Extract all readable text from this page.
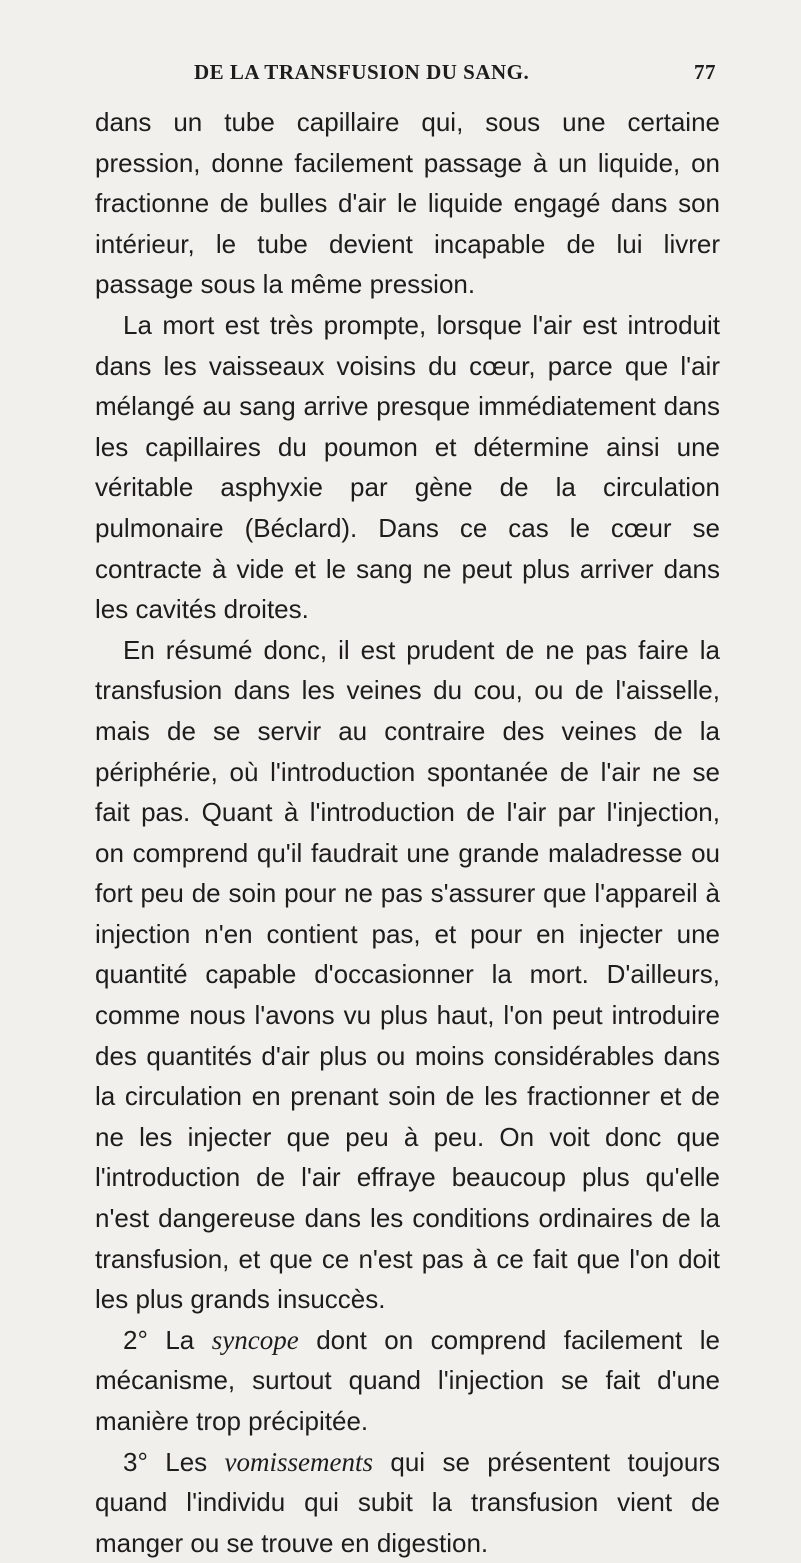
DE LA TRANSFUSION DU SANG.	77

dans un tube capillaire qui, sous une certaine pression, donne facilement passage à un liquide, on fractionne de bulles d'air le liquide engagé dans son intérieur, le tube devient incapable de lui livrer passage sous la même pression.

La mort est très prompte, lorsque l'air est introduit dans les vaisseaux voisins du cœur, parce que l'air mélangé au sang arrive presque immédiatement dans les capillaires du poumon et détermine ainsi une véritable asphyxie par gène de la circulation pulmonaire (Béclard). Dans ce cas le cœur se contracte à vide et le sang ne peut plus arriver dans les cavités droites.

En résumé donc, il est prudent de ne pas faire la transfusion dans les veines du cou, ou de l'aisselle, mais de se servir au contraire des veines de la périphérie, où l'introduction spontanée de l'air ne se fait pas. Quant à l'introduction de l'air par l'injection, on comprend qu'il faudrait une grande maladresse ou fort peu de soin pour ne pas s'assurer que l'appareil à injection n'en contient pas, et pour en injecter une quantité capable d'occasionner la mort. D'ailleurs, comme nous l'avons vu plus haut, l'on peut introduire des quantités d'air plus ou moins considérables dans la circulation en prenant soin de les fractionner et de ne les injecter que peu à peu. On voit donc que l'introduction de l'air effraye beaucoup plus qu'elle n'est dangereuse dans les conditions ordinaires de la transfusion, et que ce n'est pas à ce fait que l'on doit les plus grands insuccès.

2° La syncope dont on comprend facilement le mécanisme, surtout quand l'injection se fait d'une manière trop précipitée.

3° Les vomissements qui se présentent toujours quand l'individu qui subit la transfusion vient de manger ou se trouve en digestion.
